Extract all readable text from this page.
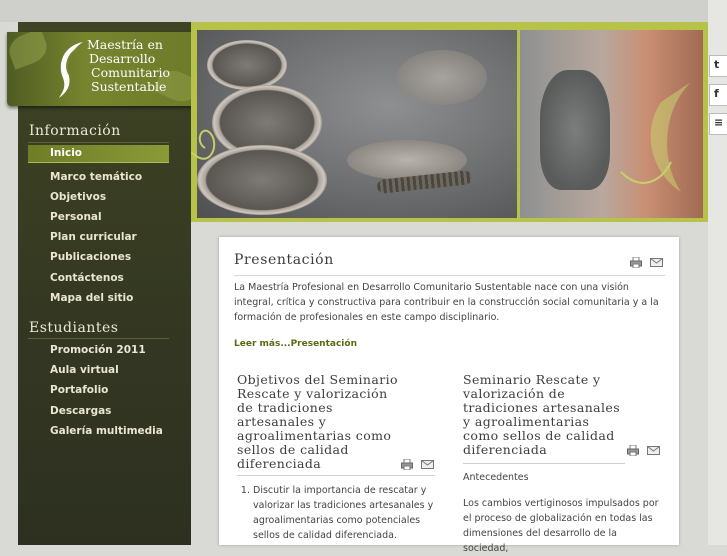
Maestría en
Desarrollo
Comunitario
Sustentable
Información
Inicio
Marco temático
Objetivos
Personal
Plan curricular
Publicaciones
Contáctenos
Mapa del sitio
Estudiantes
Promoción 2011
Aula virtual
Portafolio
Descargas
Galería multimedia
t
f
≡
Presentación
La Maestría Profesional en Desarrollo Comunitario Sustentable nace con una visión integral, crítica y constructiva para contribuir en la construcción social comunitaria y a la formación de profesionales en este campo disciplinario.
Leer más...Presentación
Objetivos del Seminario
Rescate y valorización
de tradiciones
artesanales y
agroalimentarias como
sellos de calidad
diferenciada
1. Discutir la importancia de rescatar y valorizar las tradiciones artesanales y agroalimentarias como potenciales sellos de calidad diferenciada.
Seminario Rescate y
valorización de
tradiciones artesanales
y agroalimentarias
como sellos de calidad
diferenciada
Antecedentes
Los cambios vertiginosos impulsados por el proceso de globalización en todas las dimensiones del desarrollo de la sociedad,
